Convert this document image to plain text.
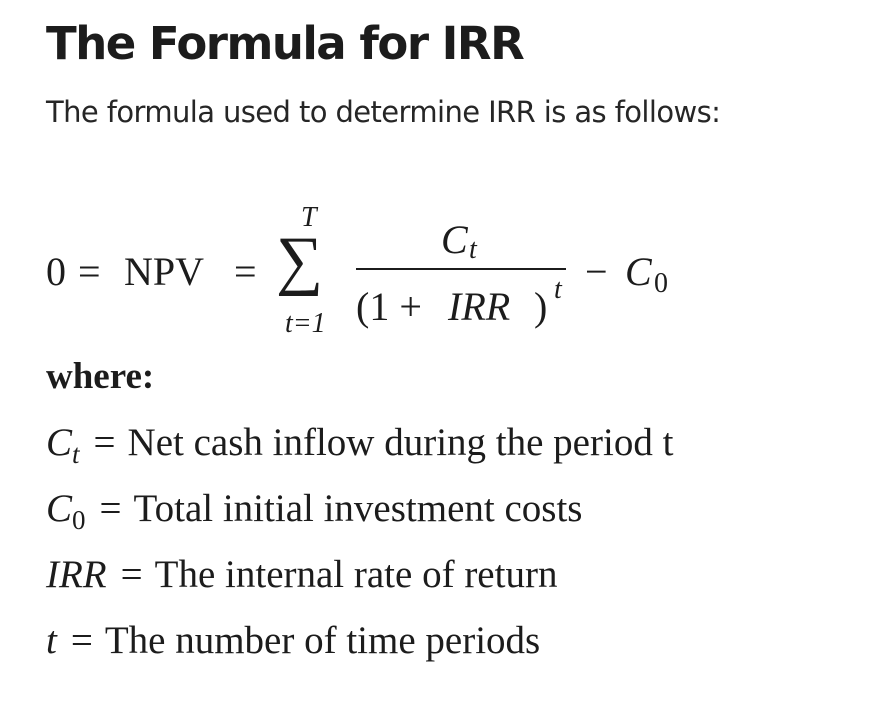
The Formula for IRR
The formula used to determine IRR is as follows:
0 = NPV =
T
∑
t=1
C t
(1 + IRR ) t − C 0
where:
$C_t$ = Net cash inflow during the period t
$C_0$ = Total initial investment costs
IRR = The internal rate of return
t = The number of time periods
